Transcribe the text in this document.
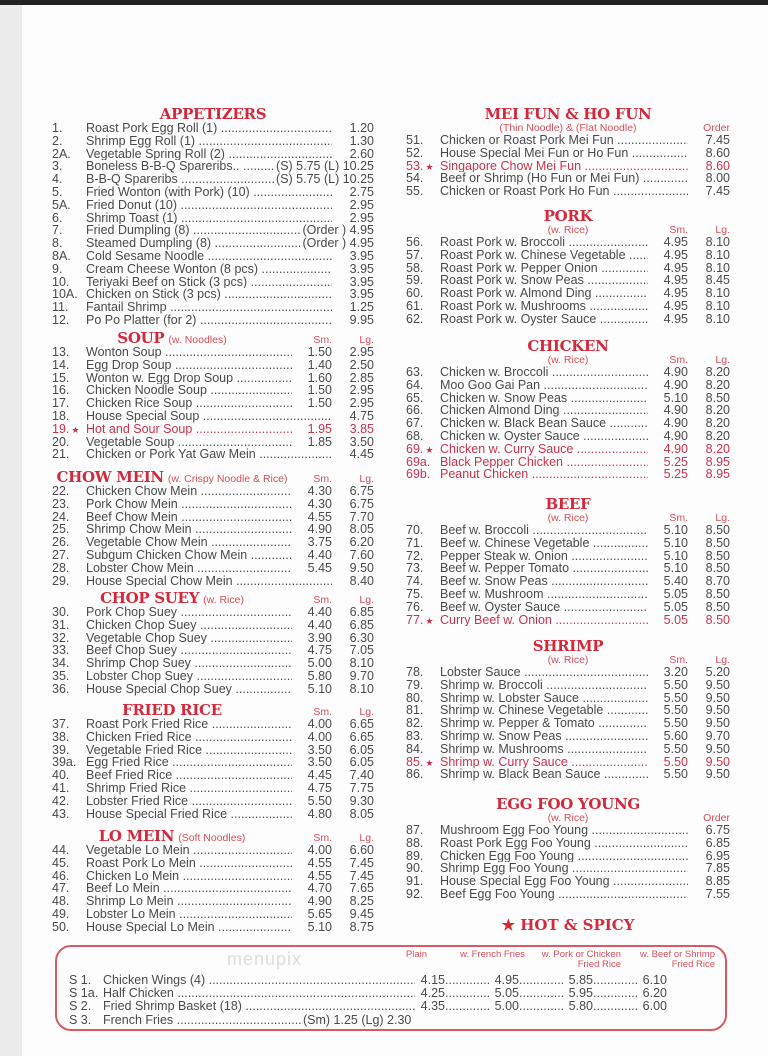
APPETIZERS
1.	Roast Pork Egg Roll (1) .....	1.20
2.	Shrimp Egg Roll (1) .....	1.30
2A.	Vegetable Spring Roll (2) .....	2.60
3.	Boneless B-B-Q Spareribs.. .....	(S) 5.75 (L) 10.25
4.	B-B-Q Spareribs .....	(S) 5.75 (L) 10.25
5.	Fried Wonton (with Pork) (10) .....	2.75
5A.	Fried Donut (10) .....	2.95
6.	Shrimp Toast (1) .....	2.95
7.	Fried Dumpling (8) .....	(Order ) 4.95
8.	Steamed Dumpling (8) .....	(Order ) 4.95
8A.	Cold Sesame Noodle .....	3.95
9.	Cream Cheese Wonton (8 pcs) .....	3.95
10.	Teriyaki Beef on Stick (3 pcs) .....	3.95
10A. Chicken on Stick (3 pcs) .....	3.95
11.	Fantail Shrimp .....	1.25
12.	Po Po Platter (for 2) .....	9.95
SOUP (w. Noodles)	Sm.	Lg.
13.	Wonton Soup .....	1.50	2.95
14.	Egg Drop Soup .....	1.40	2.50
15.	Wonton w. Egg Drop Soup .....	1.60	2.85
16.	Chicken Noodle Soup .....	1.50	2.95
17.	Chicken Rice Soup .....	1.50	2.95
18.	House Special Soup .....	4.75
19. ★ Hot and Sour Soup .....	1.95	3.85
20.	Vegetable Soup .....	1.85	3.50
21.	Chicken or Pork Yat Gaw Mein .....	4.45
CHOW MEIN (w. Crispy Noodle & Rice)	Sm.	Lg.
22.	Chicken Chow Mein .....	4.30	6.75
23.	Pork Chow Mein .....	4.30	6.75
24.	Beef Chow Mein .....	4.55	7.70
25.	Shrimp Chow Mein .....	4.90	8.05
26.	Vegetable Chow Mein .....	3.75	6.20
27.	Subgum Chicken Chow Mein .....	4.40	7.60
28.	Lobster Chow Mein .....	5.45	9.50
29.	House Special Chow Mein .....	8.40
CHOP SUEY (w. Rice)	Sm.	Lg.
30.	Pork Chop Suey .....	4.40	6.85
31.	Chicken Chop Suey .....	4.40	6.85
32.	Vegetable Chop Suey .....	3.90	6.30
33.	Beef Chop Suey .....	4.75	7.05
34.	Shrimp Chop Suey .....	5.00	8.10
35.	Lobster Chop Suey .....	5.80	9.70
36.	House Special Chop Suey .....	5.10	8.10
FRIED RICE	Sm.	Lg.
37.	Roast Pork Fried Rice .....	4.00	6.65
38.	Chicken Fried Rice .....	4.00	6.65
39.	Vegetable Fried Rice .....	3.50	6.05
39a. Egg Fried Rice .....	3.50	6.05
40.	Beef Fried Rice .....	4.45	7.40
41.	Shrimp Fried Rice .....	4.75	7.75
42.	Lobster Fried Rice .....	5.50	9.30
43.	House Special Fried Rice .....	4.80	8.05
LO MEIN (Soft Noodles)	Sm.	Lg.
44.	Vegetable Lo Mein .....	4.00	6.60
45.	Roast Pork Lo Mein .....	4.55	7.45
46.	Chicken Lo Mein .....	4.55	7.45
47.	Beef Lo Mein .....	4.70	7.65
48.	Shrimp Lo Mein .....	4.90	8.25
49.	Lobster Lo Mein .....	5.65	9.45
50.	House Special Lo Mein .....	5.10	8.75
MEI FUN & HO FUN
(Thin Noodle) & (Flat Noodle)	Order
51.	Chicken or Roast Pork Mei Fun .....	7.45
52.	House Special Mei Fun or Ho Fun .....	8.60
53. ★ Singapore Chow Mei Fun .....	8.60
54.	Beef or Shrimp (Ho Fun or Mei Fun) .....	8.00
55.	Chicken or Roast Pork Ho Fun .....	7.45
PORK
(w. Rice)	Sm.	Lg.
56.	Roast Pork w. Broccoli .....	4.95	8.10
57.	Roast Pork w. Chinese Vegetable .....	4.95	8.10
58.	Roast Pork w. Pepper Onion .....	4.95	8.10
59.	Roast Pork w. Snow Peas .....	4.95	8.45
60.	Roast Pork w. Almond Ding .....	4.95	8.10
61.	Roast Pork w. Mushrooms .....	4.95	8.10
62.	Roast Pork w. Oyster Sauce .....	4.95	8.10
CHICKEN
(w. Rice)	Sm.	Lg.
63.	Chicken w. Broccoli .....	4.90	8.20
64.	Moo Goo Gai Pan .....	4.90	8.20
65.	Chicken w. Snow Peas .....	5.10	8.50
66.	Chicken Almond Ding .....	4.90	8.20
67.	Chicken w. Black Bean Sauce .....	4.90	8.20
68.	Chicken w. Oyster Sauce .....	4.90	8.20
69. ★ Chicken w. Curry Sauce .....	4.90	8.20
69a. Black Pepper Chicken .....	5.25	8.95
69b. Peanut Chicken .....	5.25	8.95
BEEF
(w. Rice)	Sm.	Lg.
70.	Beef w. Broccoli .....	5.10	8.50
71.	Beef w. Chinese Vegetable .....	5.10	8.50
72.	Pepper Steak w. Onion .....	5.10	8.50
73.	Beef w. Pepper Tomato .....	5.10	8.50
74.	Beef w. Snow Peas .....	5.40	8.70
75.	Beef w. Mushroom .....	5.05	8.50
76.	Beef w. Oyster Sauce .....	5.05	8.50
77. ★ Curry Beef w. Onion .....	5.05	8.50
SHRIMP
(w. Rice)	Sm.	Lg.
78.	Lobster Sauce .....	3.20	5.20
79.	Shrimp w. Broccoli .....	5.50	9.50
80.	Shrimp w. Lobster Sauce .....	5.50	9.50
81.	Shrimp w. Chinese Vegetable .....	5.50	9.50
82.	Shrimp w. Pepper & Tomato .....	5.50	9.50
83.	Shrimp w. Snow Peas .....	5.60	9.70
84.	Shrimp w. Mushrooms .....	5.50	9.50
85. ★ Shrimp w. Curry Sauce .....	5.50	9.50
86.	Shrimp w. Black Bean Sauce .....	5.50	9.50
EGG FOO YOUNG
(w. Rice)	Order
87.	Mushroom Egg Foo Young .....	6.75
88.	Roast Pork Egg Foo Young .....	6.85
89.	Chicken Egg Foo Young .....	6.95
90.	Shrimp Egg Foo Young .....	7.85
91.	House Special Egg Foo Young .....	8.85
92.	Beef Egg Foo Young .....	7.55
★ HOT & SPICY
menupix	Plain	w. French Fries	w. Pork or Chicken Fried Rice
w. Beef or Shrimp Fried Rice
S 1. Chicken Wings (4) .....	4.15	..... 4.95	..... 5.85	..... 6.10
S 1a. Half Chicken .....	4.25	..... 5.05	..... 5.95	..... 6.20
S 2. Fried Shrimp Basket (18) .....	4.35	..... 5.00	..... 5.80	..... 6.00
S 3. French Fries .....	(Sm) 1.25 (Lg) 2.30
